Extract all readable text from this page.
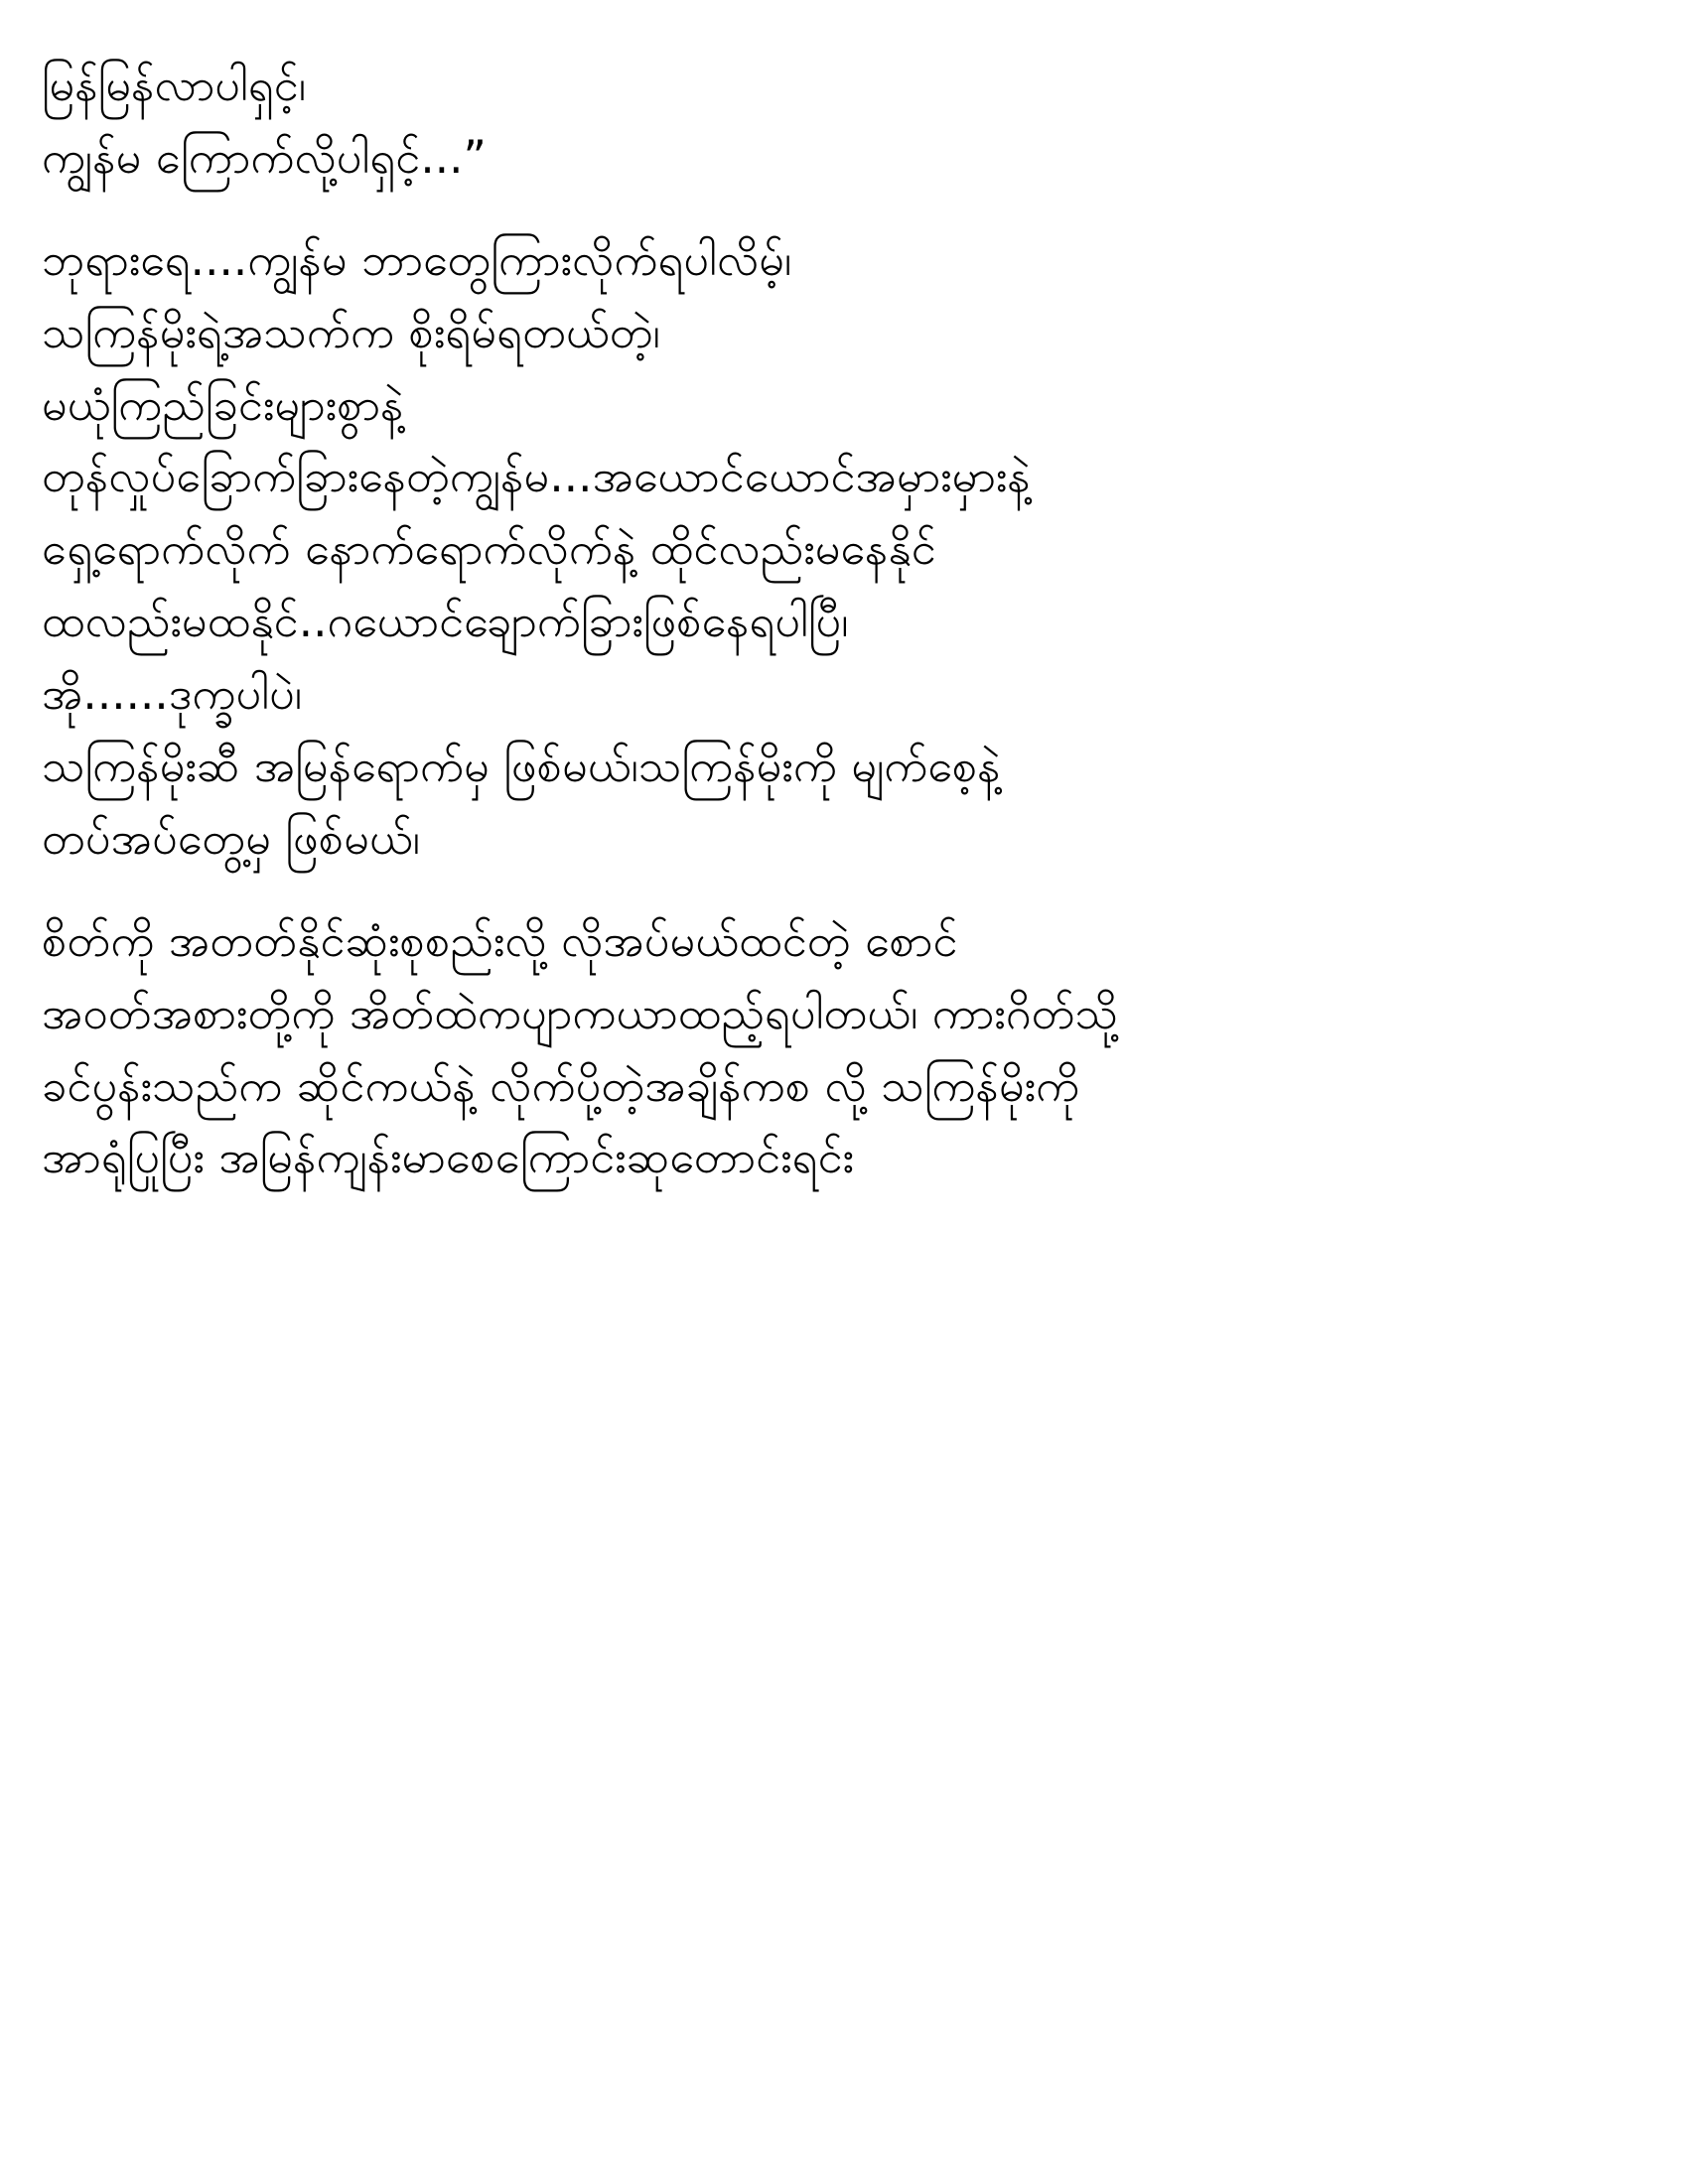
မြန်မြန်လာပါရှင့်၊
ကျွန်မ ကြောက်လို့ပါရှင့်...”
ဘုရားရေ....ကျွန်မ ဘာတွေကြားလိုက်ရပါလိမ့်၊
သကြန်မိုးရဲ့အသက်က စိုးရိမ်ရတယ်တဲ့၊
မယုံကြည်ခြင်းများစွာနဲ့
တုန်လှုပ်ခြောက်ခြားနေတဲ့ကျွန်မ...အယောင်ယောင်အမှားမှားနဲ့
ရှေ့ရောက်လိုက် နောက်ရောက်လိုက်နဲ့ ထိုင်လည်းမနေနိုင်
ထလည်းမထနိုင်..ဂယောင်ချောက်ခြားဖြစ်နေရပါပြီ၊
အို......ဒုက္ခပါပဲ၊
သကြန်မိုးဆီ အမြန်ရောက်မှ ဖြစ်မယ်၊သကြန်မိုးကို မျက်စေ့နဲ့
တပ်အပ်တွေ့မှ ဖြစ်မယ်၊
စိတ်ကို အတတ်နိုင်ဆုံးစုစည်းလို့ လိုအပ်မယ်ထင်တဲ့ စောင်
အဝတ်အစားတို့ကို အိတ်ထဲကပျာကယာထည့်ရပါတယ်၊ ကားဂိတ်သို့
ခင်ပွန်းသည်က ဆိုင်ကယ်နဲ့ လိုက်ပို့တဲ့အချိန်ကစ လို့ သကြန်မိုးကို
အာရုံပြုပြီး အမြန်ကျန်းမာစေကြောင်းဆုတောင်းရင်း
